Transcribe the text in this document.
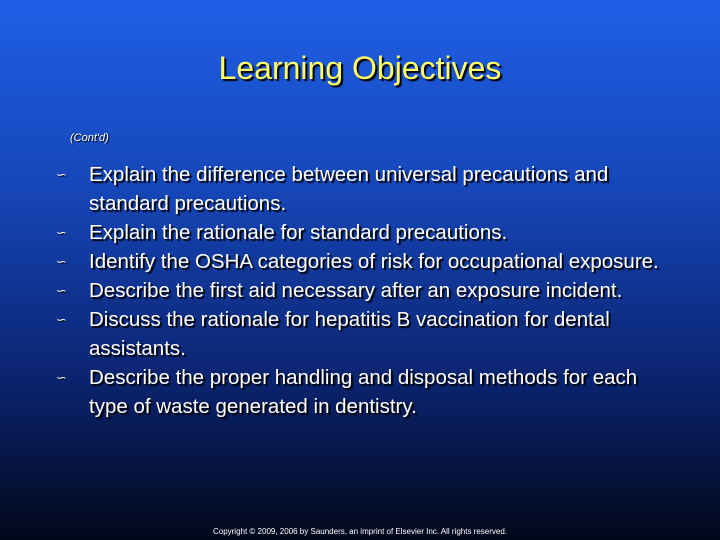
Learning Objectives
(Cont'd)
∽ Explain the difference between universal precautions and standard precautions.
∽ Explain the rationale for standard precautions.
∽ Identify the OSHA categories of risk for occupational exposure.
∽ Describe the first aid necessary after an exposure incident.
∽ Discuss the rationale for hepatitis B vaccination for dental assistants.
∽ Describe the proper handling and disposal methods for each type of waste generated in dentistry.
Copyright © 2009, 2006 by Saunders, an imprint of Elsevier Inc. All rights reserved.
